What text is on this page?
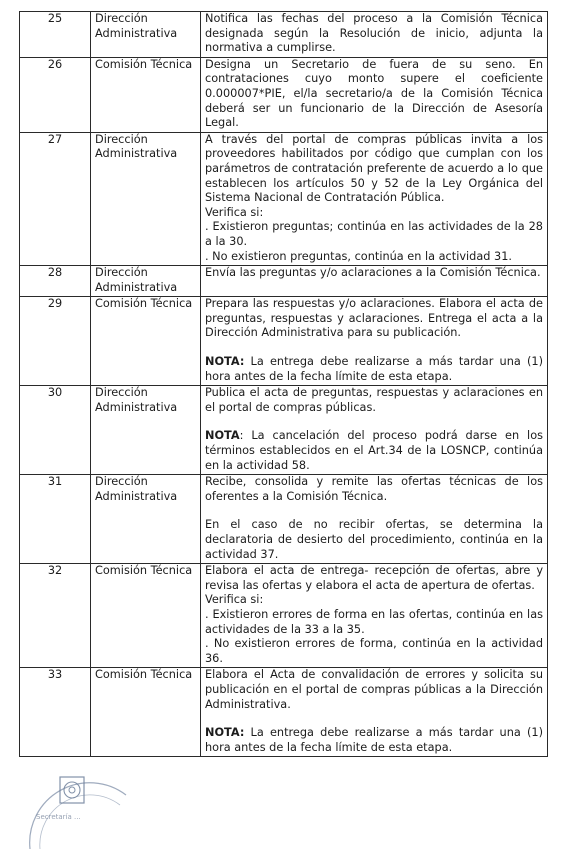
25	Dirección Administrativa	Notifica las fechas del proceso a la Comisión Técnica designada según la Resolución de inicio, adjunta la normativa a cumplirse.

26	Comisión Técnica	Designa un Secretario de fuera de su seno. En contrataciones cuyo monto supere el coeficiente 0.000007*PIE, el/la secretario/a de la Comisión Técnica deberá ser un funcionario de la Dirección de Asesoría Legal.

27	Dirección Administrativa	A través del portal de compras públicas invita a los proveedores habilitados por código que cumplan con los parámetros de contratación preferente de acuerdo a lo que establecen los artículos 50 y 52 de la Ley Orgánica del Sistema Nacional de Contratación Pública.

Verifica si:

. Existieron preguntas; continúa en las actividades de la 28 a la 30.

. No existieron preguntas, continúa en la actividad 31.

28	Dirección Administrativa	Envía las preguntas y/o aclaraciones a la Comisión Técnica.

29	Comisión Técnica	Prepara las respuestas y/o aclaraciones. Elabora el acta de preguntas, respuestas y aclaraciones. Entrega el acta a la Dirección Administrativa para su publicación.

NOTA: La entrega debe realizarse a más tardar una (1) hora antes de la fecha límite de esta etapa.

30	Dirección Administrativa	Publica el acta de preguntas, respuestas y aclaraciones en el portal de compras públicas.

NOTA: La cancelación del proceso podrá darse en los términos establecidos en el Art.34 de la LOSNCP, continúa en la actividad 58.

31	Dirección Administrativa	Recibe, consolida y remite las ofertas técnicas de los oferentes a la Comisión Técnica.

En el caso de no recibir ofertas, se determina la declaratoria de desierto del procedimiento, continúa en la actividad 37.

32	Comisión Técnica	Elabora el acta de entrega- recepción de ofertas, abre y revisa las ofertas y elabora el acta de apertura de ofertas.

Verifica si:

. Existieron errores de forma en las ofertas, continúa en las actividades de la 33 a la 35.

. No existieron errores de forma, continúa en la actividad 36.

33	Comisión Técnica	Elabora el Acta de convalidación de errores y solicita su publicación en el portal de compras públicas a la Dirección Administrativa.

NOTA: La entrega debe realizarse a más tardar una (1) hora antes de la fecha límite de esta etapa.

Secretaría ...
